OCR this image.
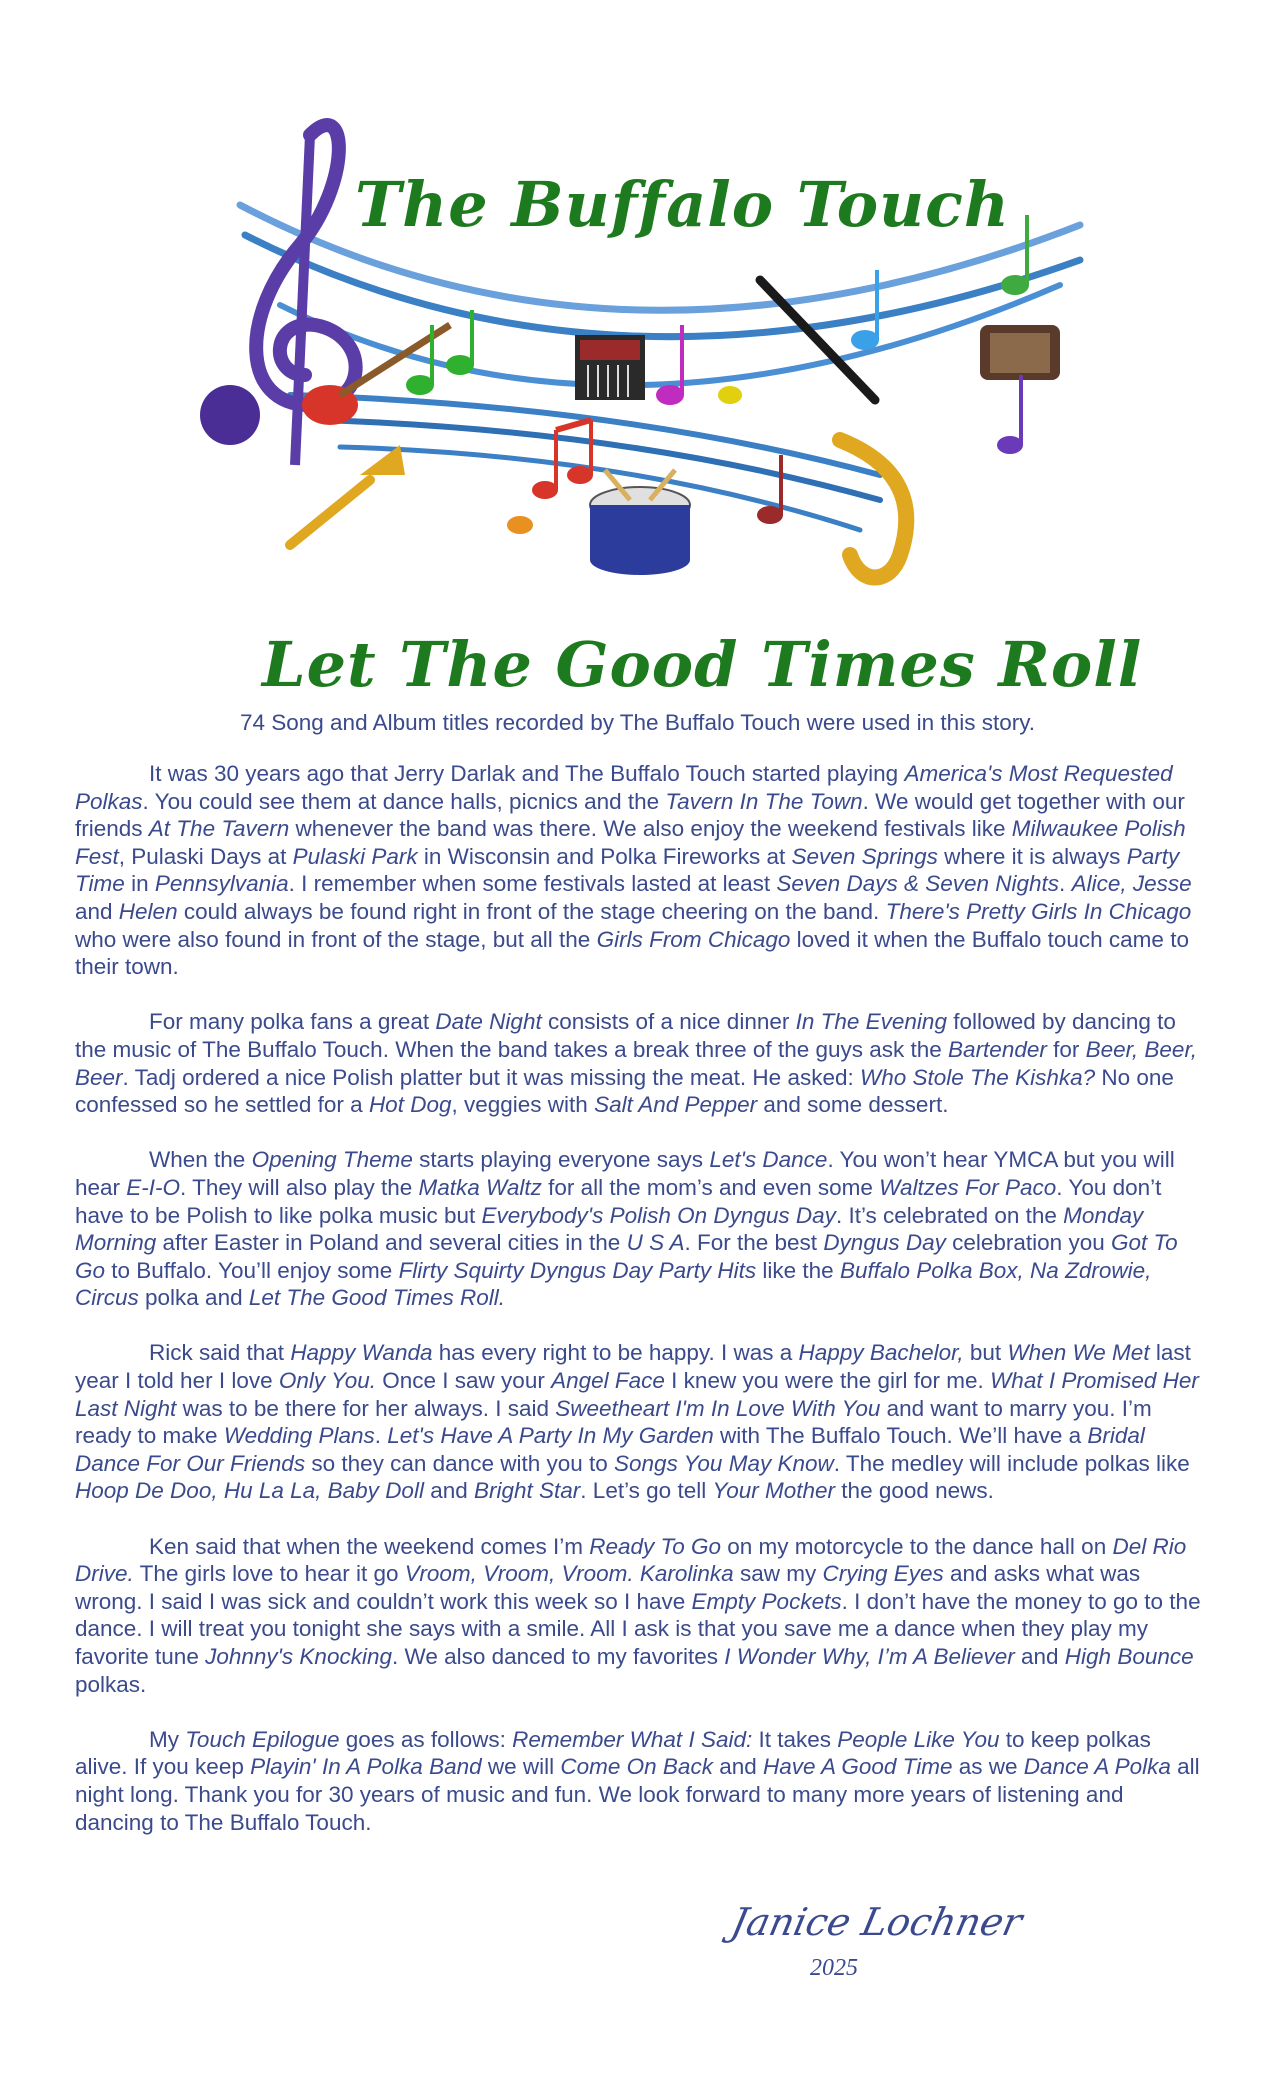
The Buffalo Touch
Let The Good Times Roll
74 Song and Album titles recorded by The Buffalo Touch were used in this story.

It was 30 years ago that Jerry Darlak and The Buffalo Touch started playing America's Most Requested Polkas. You could see them at dance halls, picnics and the Tavern In The Town. We would get together with our friends At The Tavern whenever the band was there. We also enjoy the weekend festivals like Milwaukee Polish Fest, Pulaski Days at Pulaski Park in Wisconsin and Polka Fireworks at Seven Springs where it is always Party Time in Pennsylvania. I remember when some festivals lasted at least Seven Days & Seven Nights. Alice, Jesse and Helen could always be found right in front of the stage cheering on the band. There's Pretty Girls In Chicago who were also found in front of the stage, but all the Girls From Chicago loved it when the Buffalo touch came to their town.

For many polka fans a great Date Night consists of a nice dinner In The Evening followed by dancing to the music of The Buffalo Touch. When the band takes a break three of the guys ask the Bartender for Beer, Beer, Beer. Tadj ordered a nice Polish platter but it was missing the meat. He asked: Who Stole The Kishka? No one confessed so he settled for a Hot Dog, veggies with Salt And Pepper and some dessert.

When the Opening Theme starts playing everyone says Let's Dance. You won’t hear YMCA but you will hear E-I-O. They will also play the Matka Waltz for all the mom’s and even some Waltzes For Paco. You don’t have to be Polish to like polka music but Everybody's Polish On Dyngus Day. It’s celebrated on the Monday Morning after Easter in Poland and several cities in the U S A. For the best Dyngus Day celebration you Got To Go to Buffalo. You’ll enjoy some Flirty Squirty Dyngus Day Party Hits like the Buffalo Polka Box, Na Zdrowie, Circus polka and Let The Good Times Roll.

Rick said that Happy Wanda has every right to be happy. I was a Happy Bachelor, but When We Met last year I told her I love Only You. Once I saw your Angel Face I knew you were the girl for me. What I Promised Her Last Night was to be there for her always. I said Sweetheart I'm In Love With You and want to marry you. I’m ready to make Wedding Plans. Let's Have A Party In My Garden with The Buffalo Touch. We’ll have a Bridal Dance For Our Friends so they can dance with you to Songs You May Know. The medley will include polkas like Hoop De Doo, Hu La La, Baby Doll and Bright Star. Let’s go tell Your Mother the good news.

Ken said that when the weekend comes I’m Ready To Go on my motorcycle to the dance hall on Del Rio Drive. The girls love to hear it go Vroom, Vroom, Vroom. Karolinka saw my Crying Eyes and asks what was wrong. I said I was sick and couldn’t work this week so I have Empty Pockets. I don’t have the money to go to the dance. I will treat you tonight she says with a smile. All I ask is that you save me a dance when they play my favorite tune Johnny's Knocking. We also danced to my favorites I Wonder Why, I’m A Believer and High Bounce polkas.

My Touch Epilogue goes as follows: Remember What I Said: It takes People Like You to keep polkas alive. If you keep Playin' In A Polka Band we will Come On Back and Have A Good Time as we Dance A Polka all night long. Thank you for 30 years of music and fun. We look forward to many more years of listening and dancing to The Buffalo Touch.

Janice Lochner
2025
